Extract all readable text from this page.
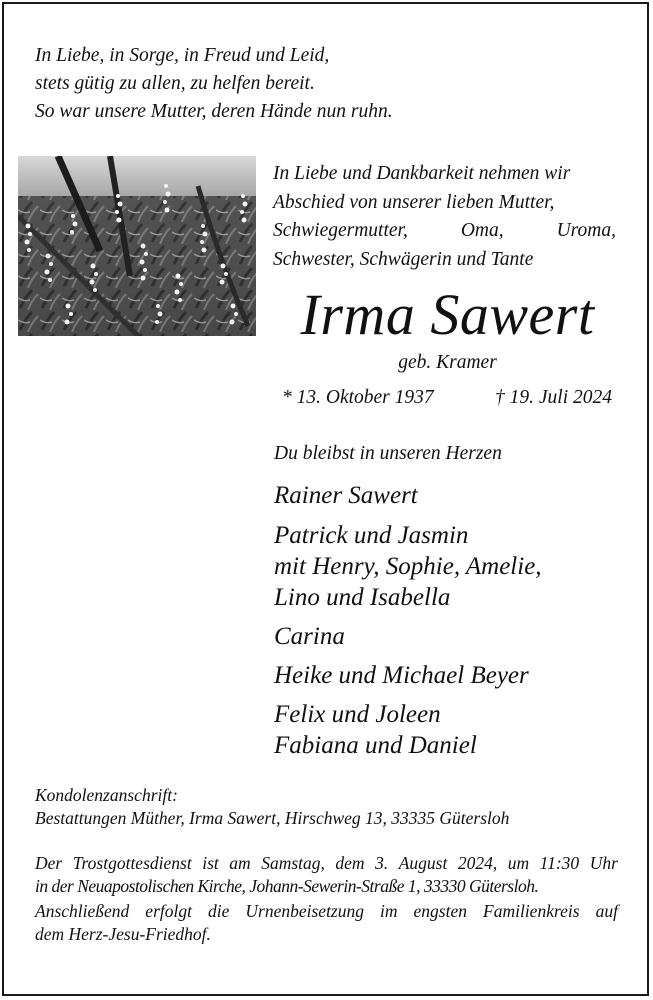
In Liebe, in Sorge, in Freud und Leid,
stets gütig zu allen, zu helfen bereit.
So war unsere Mutter, deren Hände nun ruhn.
In Liebe und Dankbarkeit nehmen wir
Abschied von unserer lieben Mutter,
Schwiegermutter,	Oma,	Uroma,
Schwester, Schwägerin und Tante
Irma Sawert
geb. Kramer
* 13. Oktober 1937	† 19. Juli 2024
Du bleibst in unseren Herzen
Rainer Sawert
Patrick und Jasmin
mit Henry, Sophie, Amelie,
Lino und Isabella
Carina
Heike und Michael Beyer
Felix und Joleen
Fabiana und Daniel
Kondolenzanschrift:
Bestattungen Müther, Irma Sawert, Hirschweg 13, 33335 Gütersloh
Der Trostgottesdienst ist am Samstag, dem 3. August 2024, um 11:30 Uhr
in der Neuapostolischen Kirche, Johann-Sewerin-Straße 1, 33330 Gütersloh.
Anschließend erfolgt die Urnenbeisetzung im engsten Familienkreis auf
dem Herz-Jesu-Friedhof.
